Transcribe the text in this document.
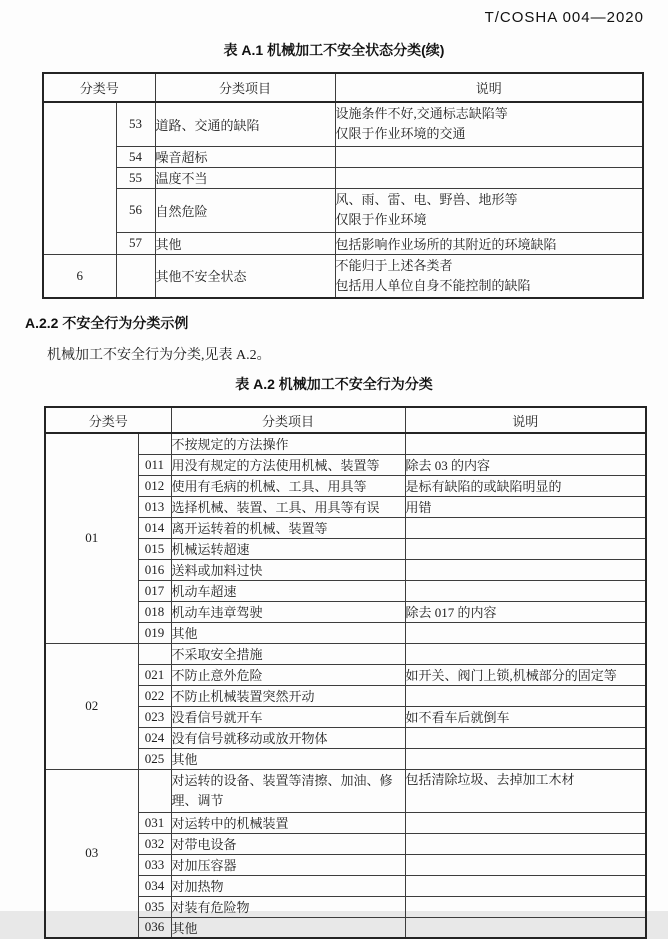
T/COSHA 004—2020
表 A.1 机械加工不安全状态分类(续)
分类号		分类项目	说明
	53	道路、交通的缺陷	设施条件不好,交通标志缺陷等
仅限于作业环境的交通

	54	噪音超标	
	55	温度不当	
	56	自然危险	风、雨、雷、电、野兽、地形等
仅限于作业环境

	57	其他	包括影响作业场所的其附近的环境缺陷
6		其他不安全状态	不能归于上述各类者
包括用人单位自身不能控制的缺陷
A.2.2 不安全行为分类示例
机械加工不安全行为分类,见表 A.2。
表 A.2 机械加工不安全行为分类
分类号		分类项目	说明
01		不按规定的方法操作	
	011	用没有规定的方法使用机械、装置等	除去 03 的内容
	012	使用有毛病的机械、工具、用具等	是标有缺陷的或缺陷明显的
	013	选择机械、装置、工具、用具等有误	用错
	014	离开运转着的机械、装置等	
	015	机械运转超速	
	016	送料或加料过快	
	017	机动车超速	
	018	机动车违章驾驶	除去 017 的内容
	019	其他	
02		不采取安全措施	
	021	不防止意外危险	如开关、阀门上锁,机械部分的固定等
	022	不防止机械装置突然开动	
	023	没看信号就开车	如不看车后就倒车
	024	没有信号就移动或放开物体	
	025	其他	
03		对运转的设备、装置等清擦、加油、修理、调节	包括清除垃圾、去掉加工木材

	031	对运转中的机械装置	
	032	对带电设备	
	033	对加压容器	
	034	对加热物	
	035	对装有危险物	
	036	其他	
